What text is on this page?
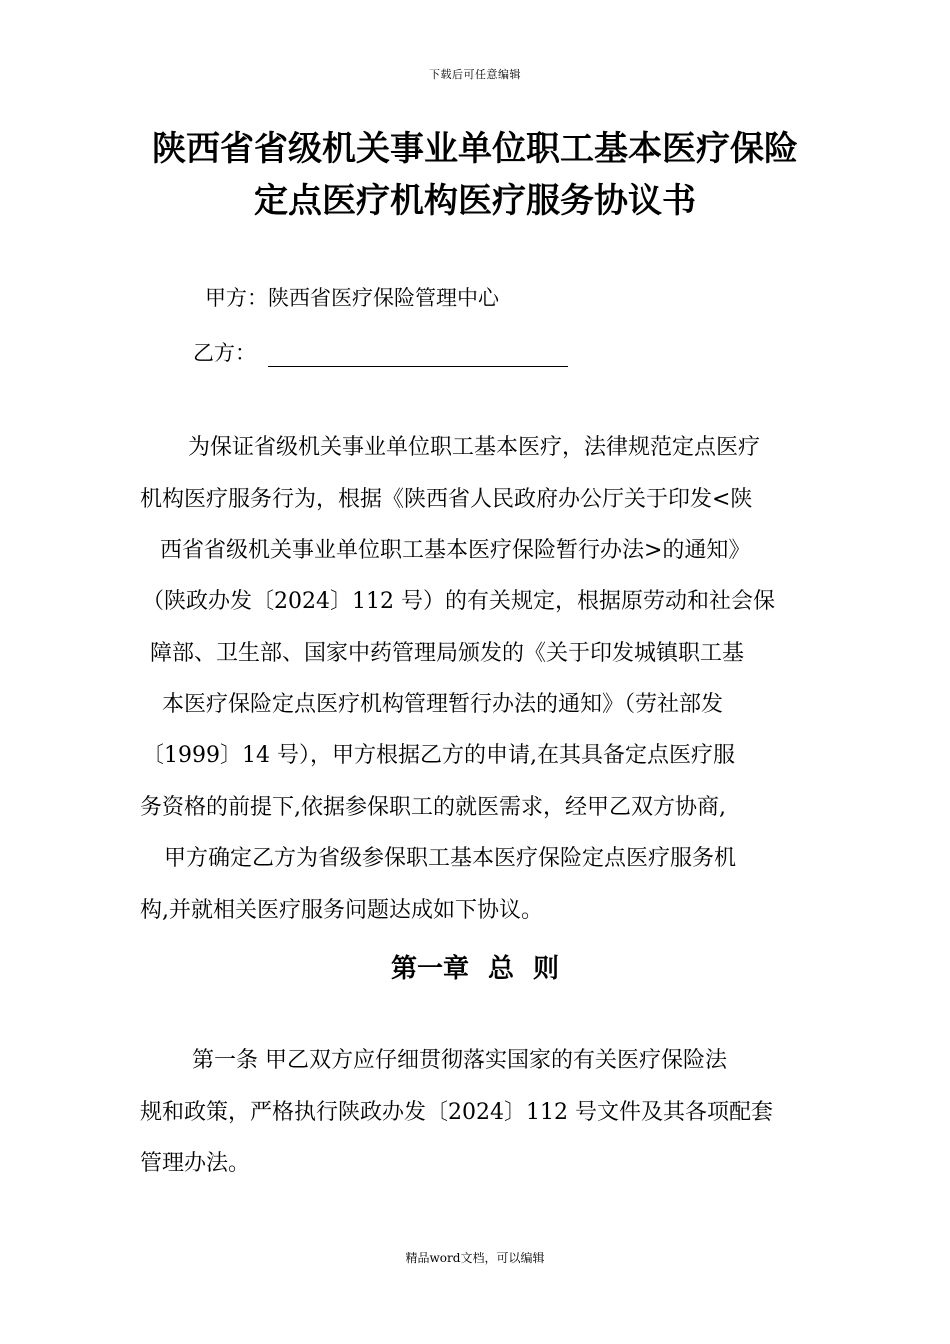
下载后可任意编辑
陕西省省级机关事业单位职工基本医疗保险
定点医疗机构医疗服务协议书
甲方：陕西省医疗保险管理中心
乙方：
为保证省级机关事业单位职工基本医疗，法律规范定点医疗
机构医疗服务行为，根据《陕西省人民政府办公厅关于印发<陕
西省省级机关事业单位职工基本医疗保险暂行办法>的通知》
（陕政办发〔2024〕112 号）的有关规定，根据原劳动和社会保
障部、卫生部、国家中药管理局颁发的《关于印发城镇职工基
本医疗保险定点医疗机构管理暂行办法的通知》（劳社部发
〔1999〕14 号），甲方根据乙方的申请,在其具备定点医疗服
务资格的前提下,依据参保职工的就医需求，经甲乙双方协商,
甲方确定乙方为省级参保职工基本医疗保险定点医疗服务机
构,并就相关医疗服务问题达成如下协议。
第一章 总 则
第一条 甲乙双方应仔细贯彻落实国家的有关医疗保险法
规和政策，严格执行陕政办发〔2024〕112 号文件及其各项配套
管理办法。
精品word文档，可以编辑
